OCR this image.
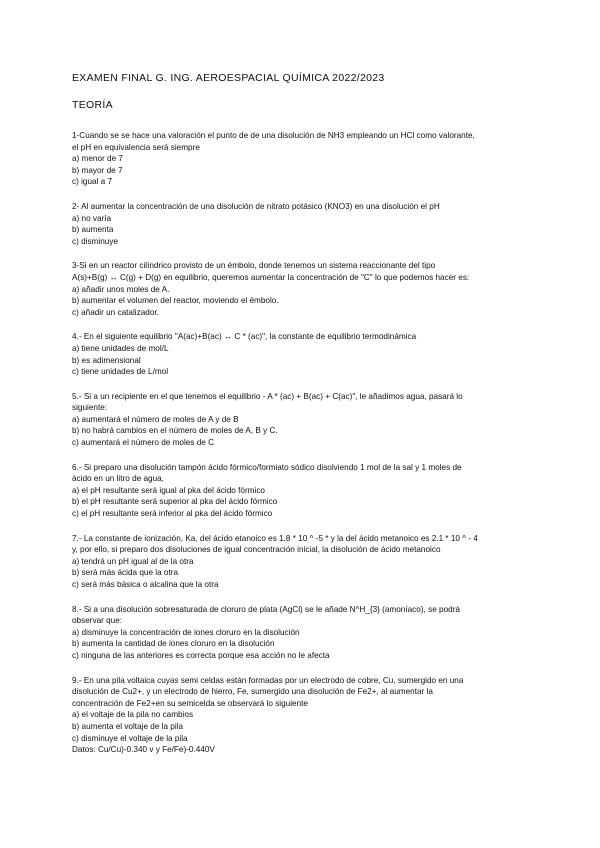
EXAMEN FINAL G. ING. AEROESPACIAL QUÍMICA 2022/2023
TEORÍA
1-Cuando se se hace una valoración el punto de de una disolución de NH3 empleando un HCl como valorante,
el pH en equivalencia será siempre
a) menor de 7
b) mayor de 7
c) igual a 7
2- Al aumentar la concentración de una disolución de nitrato potásico (KNO3) en una disolución el pH
a) no varía
b) aumenta
c) disminuye
3-Si en un reactor cilíndrico provisto de un émbolo, donde tenemos un sistema reaccionante del tipo
A(s)+B(g) ↔ C(g) + D(g) en equilibrio, queremos aumentar la concentración de "C" lo que podemos hacer es:
a) añadir unos moles de A.
b) aumentar el volumen del reactor, moviendo el émbolo.
c) añadir un catalizador.
4.- En el siguiente equilibrio "A(ac)+B(ac) ↔ C * (ac)", la constante de equilibrio termodinámica
a) tiene unidades de mol/L
b) es adimensional
c) tiene unidades de L/mol
5.- Si a un recipiente en el que tenemos el equilibrio - A * (ac) + B(ac) + C(ac)", le añadimos agua, pasará lo
siguiente:
a) aumentará el número de moles de A y de B
b) no habrá cambios en el número de moles de A, B y C.
c) aumentará el número de moles de C
6.- Si preparo una disolución tampón ácido fórmico/formiato sódico disolviendo 1 mol de la sal y 1 moles de
ácido en un litro de agua,
a) el pH resultante será igual al pka del ácido fórmico
b) el pH resultante será superior al pka del ácido fórmico
c) el pH resultante será inferior al pka del ácido fórmico
7.- La constante de ionización, Ka, del ácido etanoico es 1.8 * 10 ^ -5 * y la del ácido metanoico es 2.1 * 10 ^ - 4
y, por ello, si preparo dos disoluciones de igual concentración inicial, la disolución de ácido metanoico
a) tendrá un pH igual al de la otra
b) será más ácida que la otra
c) será más básica o alcalina que la otra
8.- Si a una disolución sobresaturada de cloruro de plata (AgCl) se le añade N^H_{3} (amoníaco), se podrá
observar que:
a) disminuye la concentración de iones cloruro en la disolución
b) aumenta la cantidad de iones cloruro en la disolución
c) ninguna de las anteriores es correcta porque esa acción no le afecta
9.- En una pila voltaica cuyas semi celdas están formadas por un electrodo de cobre, Cu, sumergido en una
disolución de Cu2+, y un electrodo de hierro, Fe, sumergido una disolución de Fe2+, al aumentar la
concentración de Fe2+en su semicelda se observará lo siguiente
a) el voltaje de la pila no cambios
b) aumenta el voltaje de la pila
c) disminuye el voltaje de la pila
Datos: Cu/Cu)-0.340 v y Fe/Fe)-0.440V
